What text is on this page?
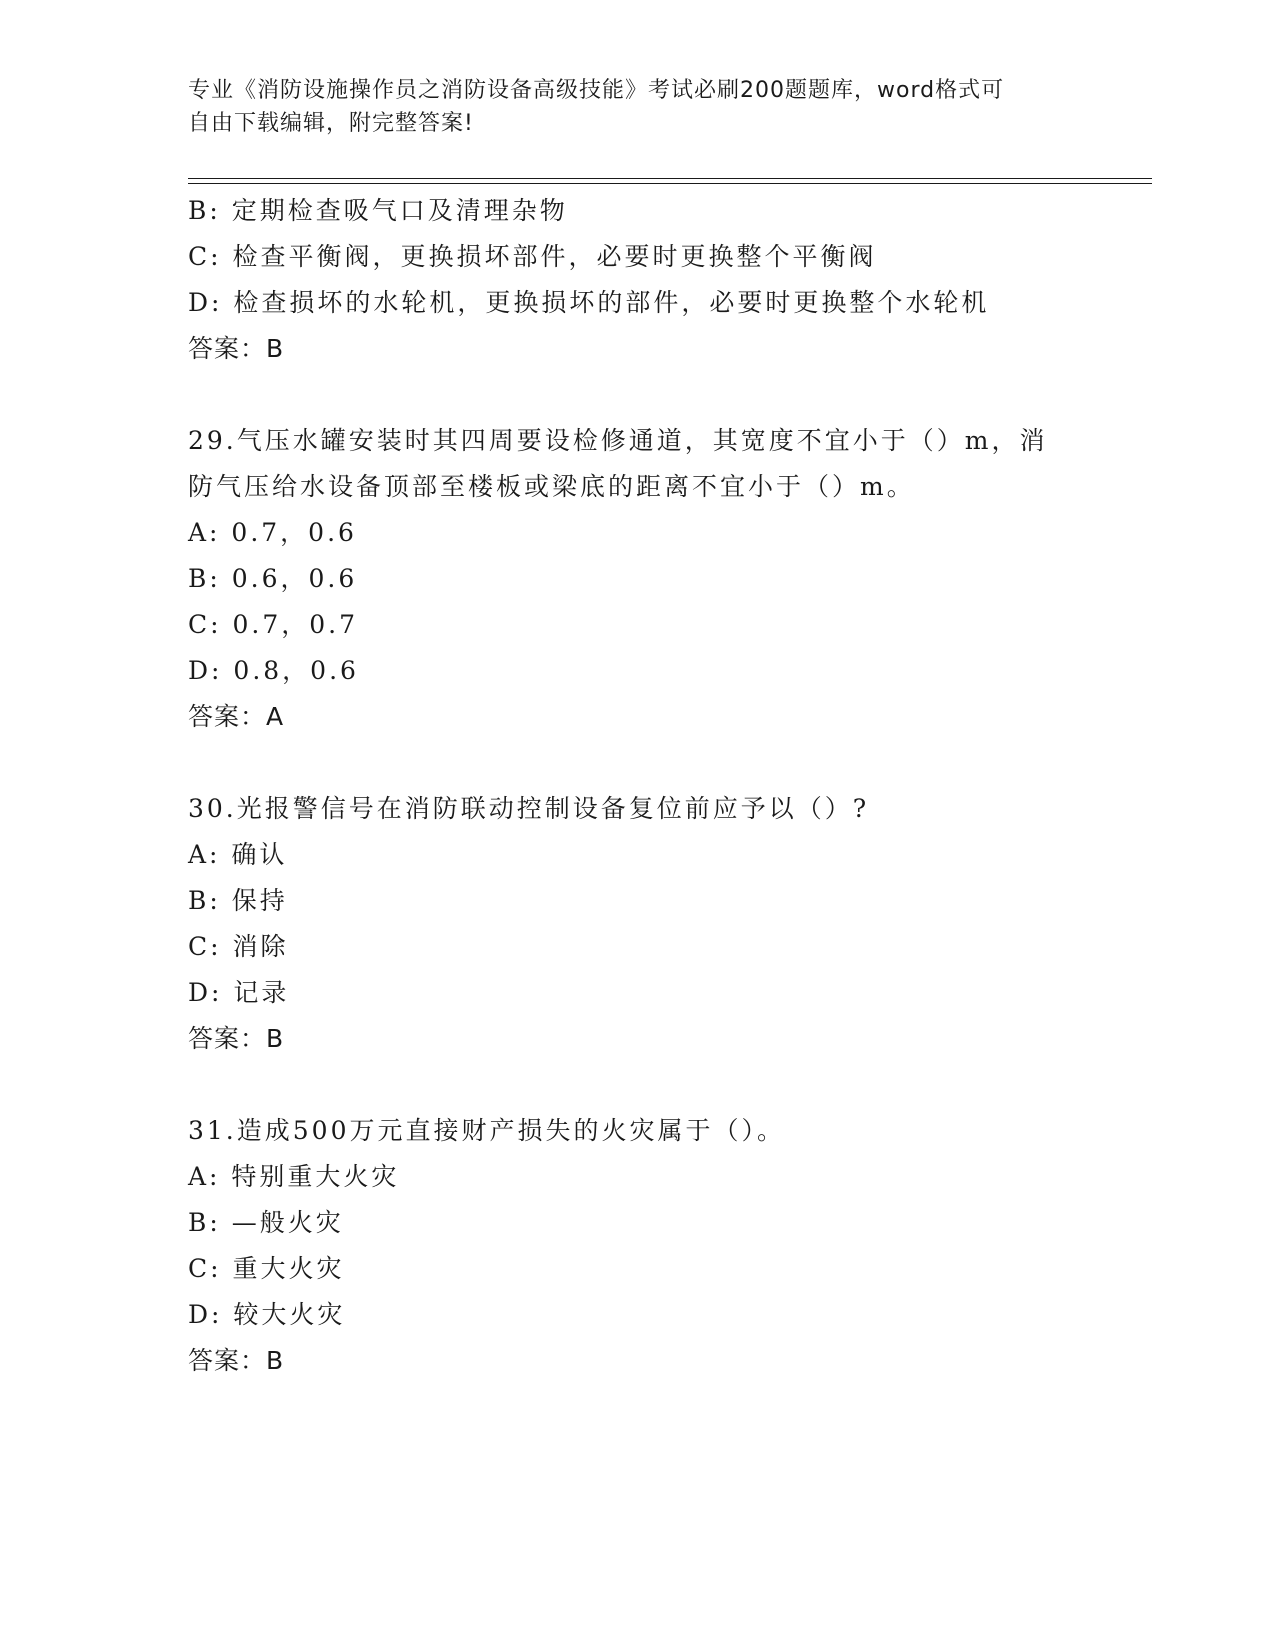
专业《消防设施操作员之消防设备高级技能》考试必刷200题题库，word格式可
自由下载编辑，附完整答案!
B: 定期检查吸气口及清理杂物
C: 检查平衡阀，更换损坏部件，必要时更换整个平衡阀
D: 检查损坏的水轮机，更换损坏的部件，必要时更换整个水轮机
答案：B
29.气压水罐安装时其四周要设检修通道，其宽度不宜小于（）m，消
防气压给水设备顶部至楼板或梁底的距离不宜小于（）m。
A: 0.7，0.6
B: 0.6，0.6
C: 0.7，0.7
D: 0.8，0.6
答案：A
30.光报警信号在消防联动控制设备复位前应予以（）?
A: 确认
B: 保持
C: 消除
D: 记录
答案：B
31.造成500万元直接财产损失的火灾属于（）。
A: 特别重大火灾
B: —般火灾
C: 重大火灾
D: 较大火灾
答案：B
